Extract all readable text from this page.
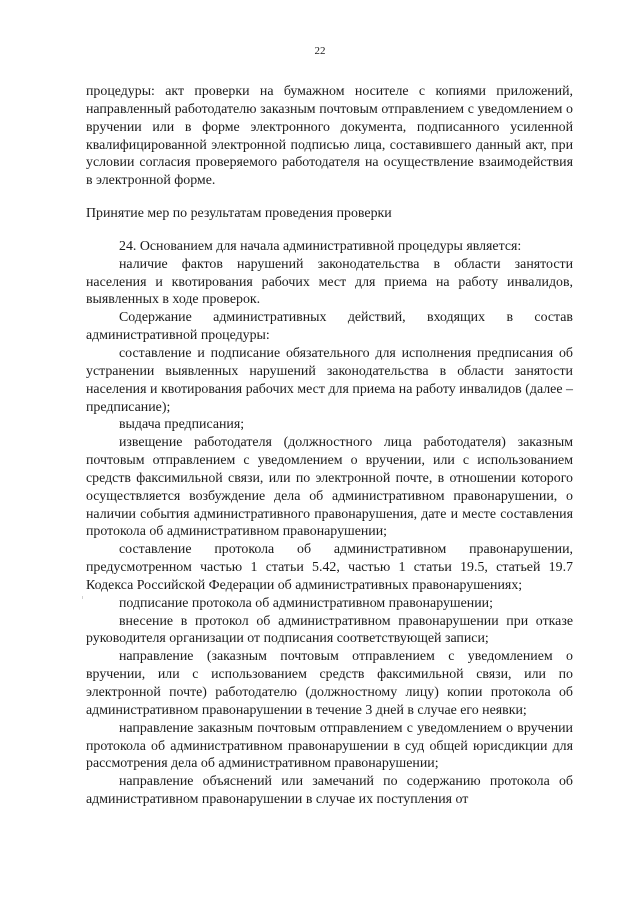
22

процедуры: акт проверки на бумажном носителе с копиями приложений, направленный работодателю заказным почтовым отправлением с уведомлением о вручении или в форме электронного документа, подписанного усиленной квалифицированной электронной подписью лица, составившего данный акт, при условии согласия проверяемого работодателя на осуществление взаимодействия в электронной форме.

Принятие мер по результатам проведения проверки

24. Основанием для начала административной процедуры является:

наличие фактов нарушений законодательства в области занятости населения и квотирования рабочих мест для приема на работу инвалидов, выявленных в ходе проверок.

Содержание административных действий, входящих в состав административной процедуры:

составление и подписание обязательного для исполнения предписания об устранении выявленных нарушений законодательства в области занятости населения и квотирования рабочих мест для приема на работу инвалидов (далее – предписание);

выдача предписания;

извещение работодателя (должностного лица работодателя) заказным почтовым отправлением с уведомлением о вручении, или с использованием средств факсимильной связи, или по электронной почте, в отношении которого осуществляется возбуждение дела об административном правонарушении, о наличии события административного правонарушения, дате и месте составления протокола об административном правонарушении;

составление протокола об административном правонарушении, предусмотренном частью 1 статьи 5.42, частью 1 статьи 19.5, статьей 19.7 Кодекса Российской Федерации об административных правонарушениях;

подписание протокола об административном правонарушении;

внесение в протокол об административном правонарушении при отказе руководителя организации от подписания соответствующей записи;

направление (заказным почтовым отправлением с уведомлением о вручении, или с использованием средств факсимильной связи, или по электронной почте) работодателю (должностному лицу) копии протокола об административном правонарушении в течение 3 дней в случае его неявки;

направление заказным почтовым отправлением с уведомлением о вручении протокола об административном правонарушении в суд общей юрисдикции для рассмотрения дела об административном правонарушении;

направление объяснений или замечаний по содержанию протокола об административном правонарушении в случае их поступления от
